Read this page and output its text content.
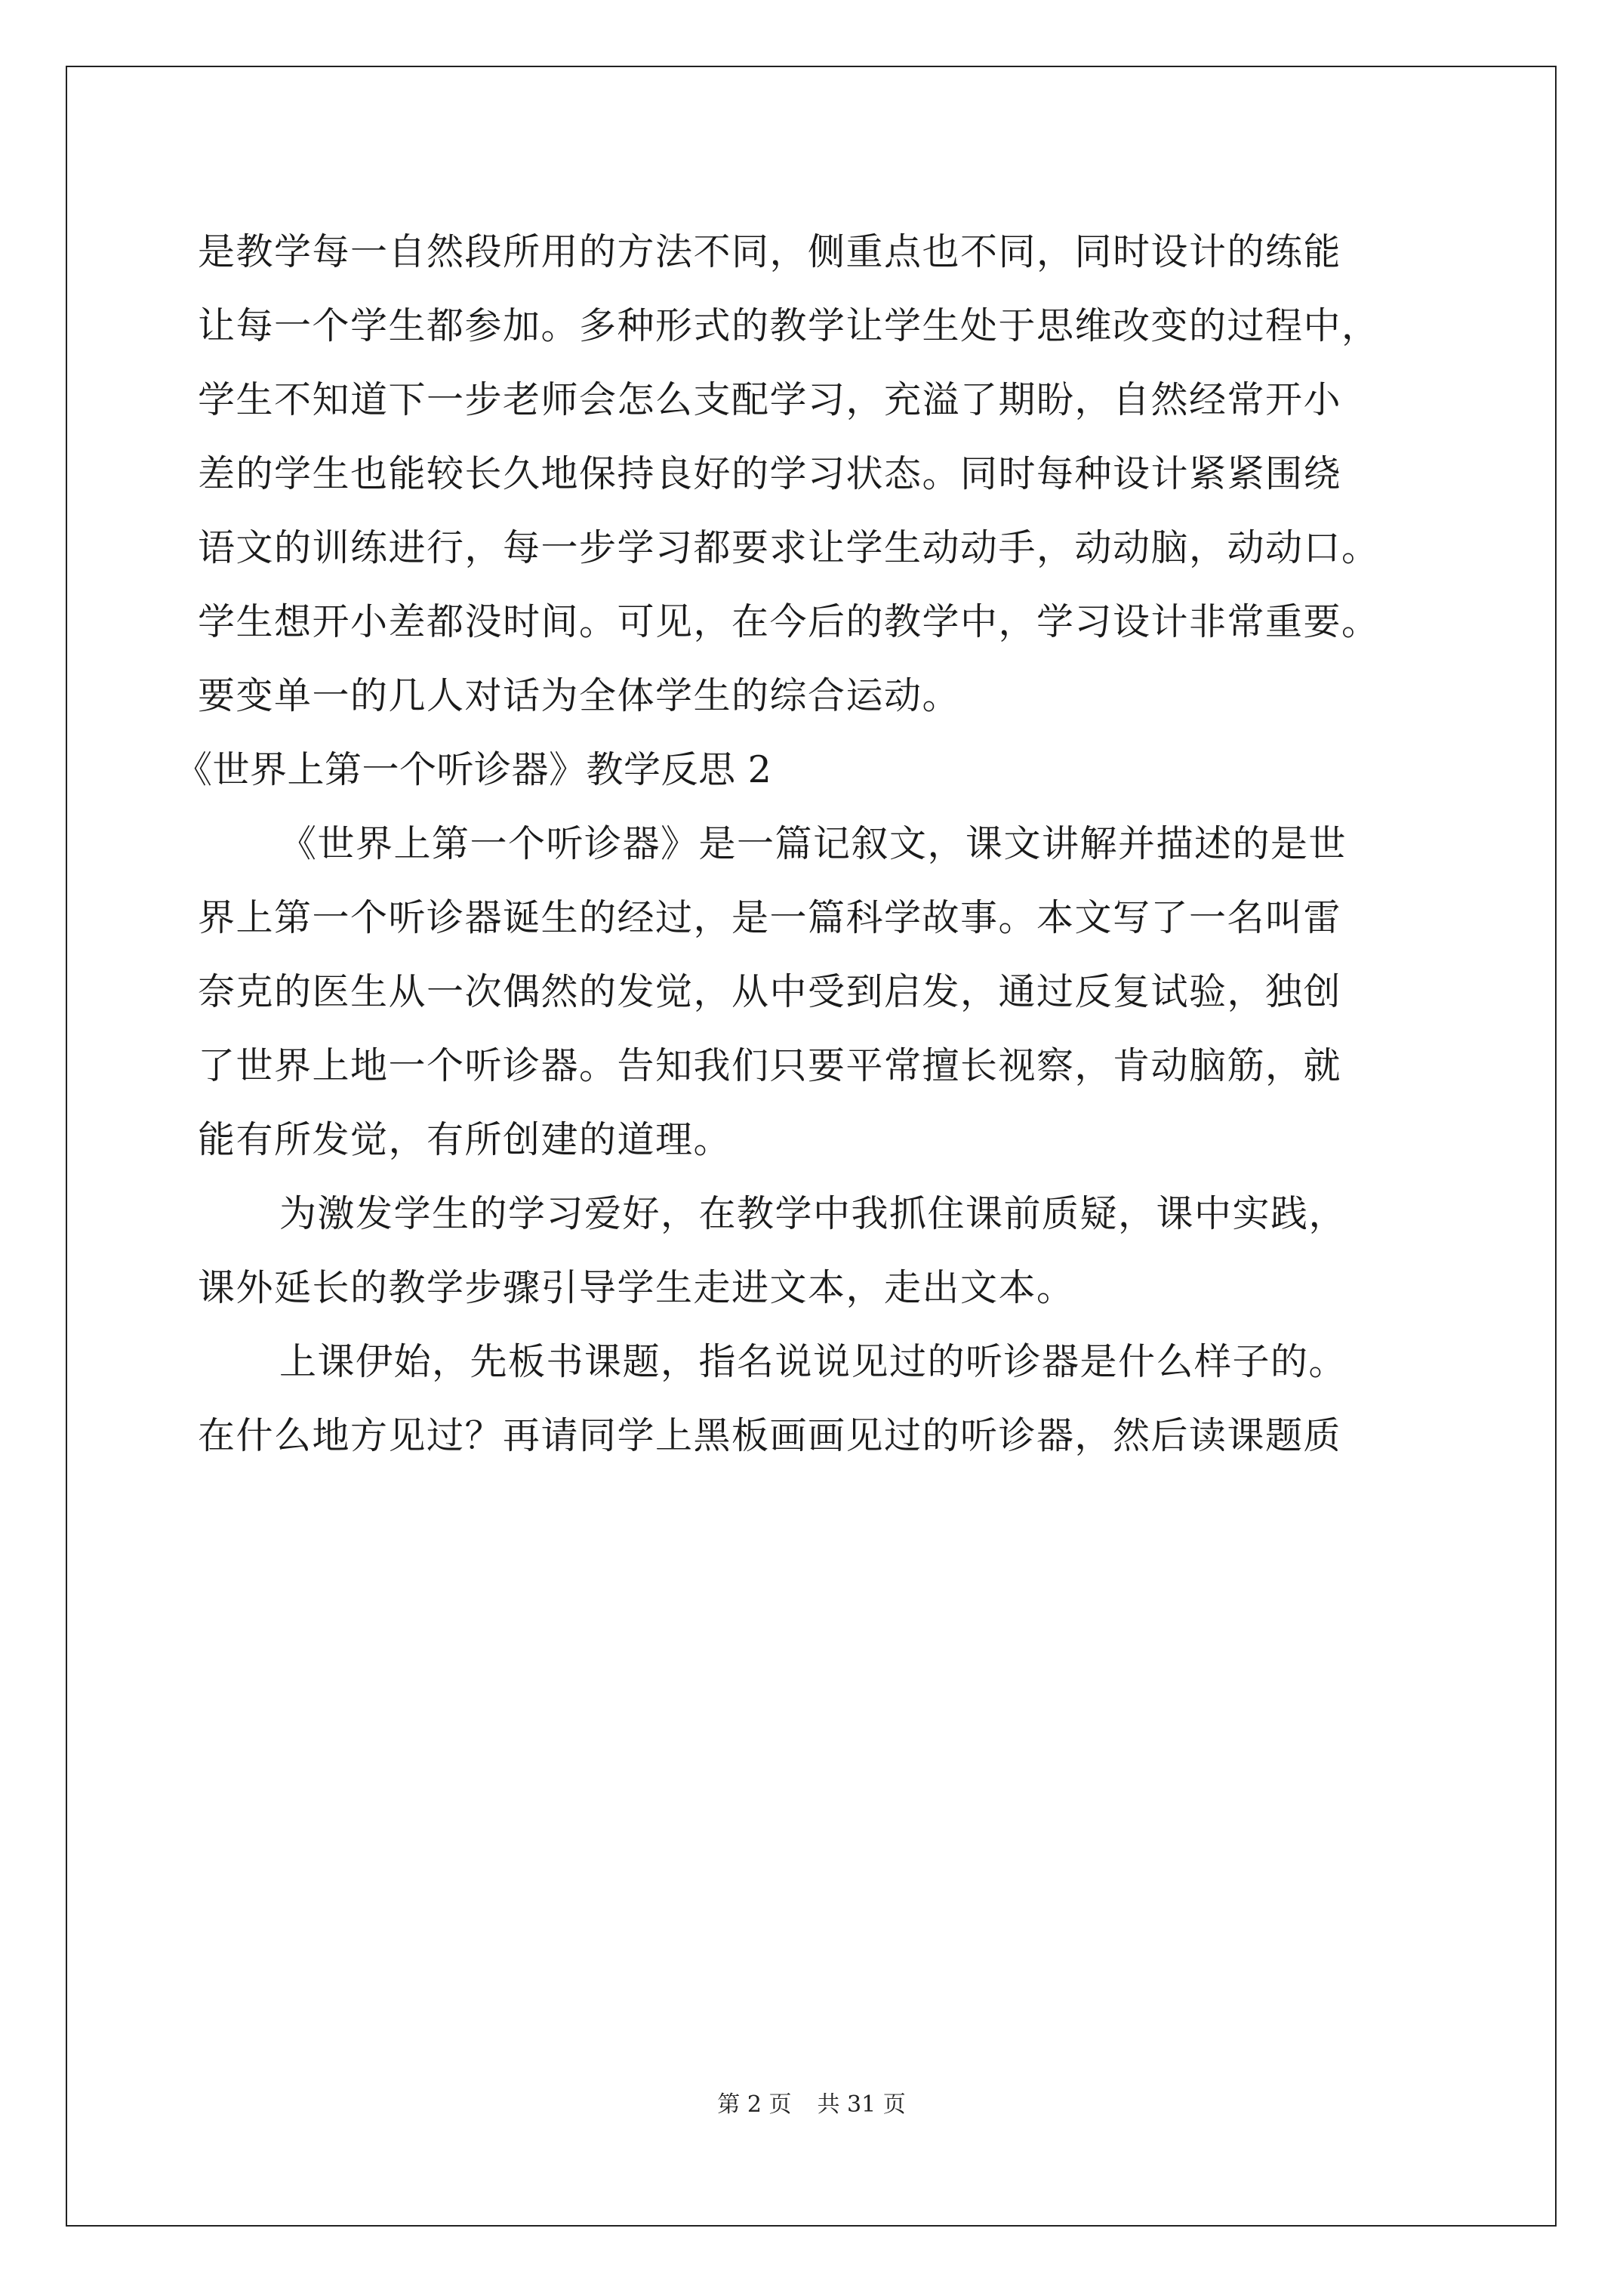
是教学每一自然段所用的方法不同，侧重点也不同，同时设计的练能
让每一个学生都参加。多种形式的教学让学生处于思维改变的过程中，
学生不知道下一步老师会怎么支配学习，充溢了期盼，自然经常开小
差的学生也能较长久地保持良好的学习状态。同时每种设计紧紧围绕
语文的训练进行，每一步学习都要求让学生动动手，动动脑，动动口。
学生想开小差都没时间。可见，在今后的教学中，学习设计非常重要。
要变单一的几人对话为全体学生的综合运动。
《世界上第一个听诊器》教学反思 2
《世界上第一个听诊器》是一篇记叙文，课文讲解并描述的是世
界上第一个听诊器诞生的经过，是一篇科学故事。本文写了一名叫雷
奈克的医生从一次偶然的发觉，从中受到启发，通过反复试验，独创
了世界上地一个听诊器。告知我们只要平常擅长视察，肯动脑筋，就
能有所发觉，有所创建的道理。
为激发学生的学习爱好，在教学中我抓住课前质疑，课中实践，
课外延长的教学步骤引导学生走进文本，走出文本。
上课伊始，先板书课题，指名说说见过的听诊器是什么样子的。
在什么地方见过？再请同学上黑板画画见过的听诊器，然后读课题质
第 2 页 共 31 页
